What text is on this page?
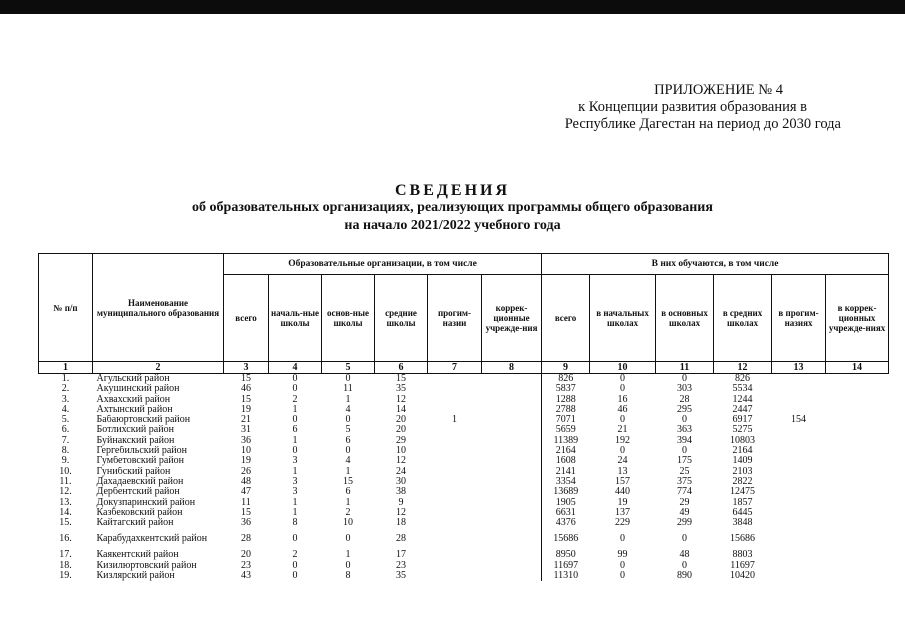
ПРИЛОЖЕНИЕ № 4
к Концепции развития образования в
Республике Дагестан на период до 2030 года
СВЕДЕНИЯ
об образовательных организациях, реализующих программы общего образования
на начало 2021/2022 учебного года
№ п/п	Наименование муниципального образования	Образовательные организации, в том числе						В них обучаются, в том числе					
		всего	началь-ные школы	основ-ные школы	средние школы	прогим-назии	коррек-ционные учрежде-ния	всего	в начальных школах	в основных школах	в средних школах	в прогим-назиях	в коррек-ционных учрежде-ниях
1	2	3	4	5	6	7	8	9	10	11	12	13	14
1.	Агульский район	15	0	0	15			826	0	0	826		
2.	Акушинский район	46	0	11	35			5837	0	303	5534		
3.	Ахвахский район	15	2	1	12			1288	16	28	1244		
4.	Ахтынский район	19	1	4	14			2788	46	295	2447		
5.	Бабаюртовский район	21	0	0	20	1		7071	0	0	6917	154	
6.	Ботлихский район	31	6	5	20			5659	21	363	5275		
7.	Буйнакский район	36	1	6	29			11389	192	394	10803		
8.	Гергебильский район	10	0	0	10			2164	0	0	2164		
9.	Гумбетовский район	19	3	4	12			1608	24	175	1409		
10.	Гунибский район	26	1	1	24			2141	13	25	2103		
11.	Дахадаевский район	48	3	15	30			3354	157	375	2822		
12.	Дербентский район	47	3	6	38			13689	440	774	12475		
13.	Докузпаринский район	11	1	1	9			1905	19	29	1857		
14.	Казбековский район	15	1	2	12			6631	137	49	6445		
15.	Кайтагский район	36	8	10	18			4376	229	299	3848		
16.	Карабудахкентский район	28	0	0	28			15686	0	0	15686		
17.	Каякентский район	20	2	1	17			8950	99	48	8803		
18.	Кизилюртовский район	23	0	0	23			11697	0	0	11697		
19.	Кизлярский район	43	0	8	35			11310	0	890	10420		
